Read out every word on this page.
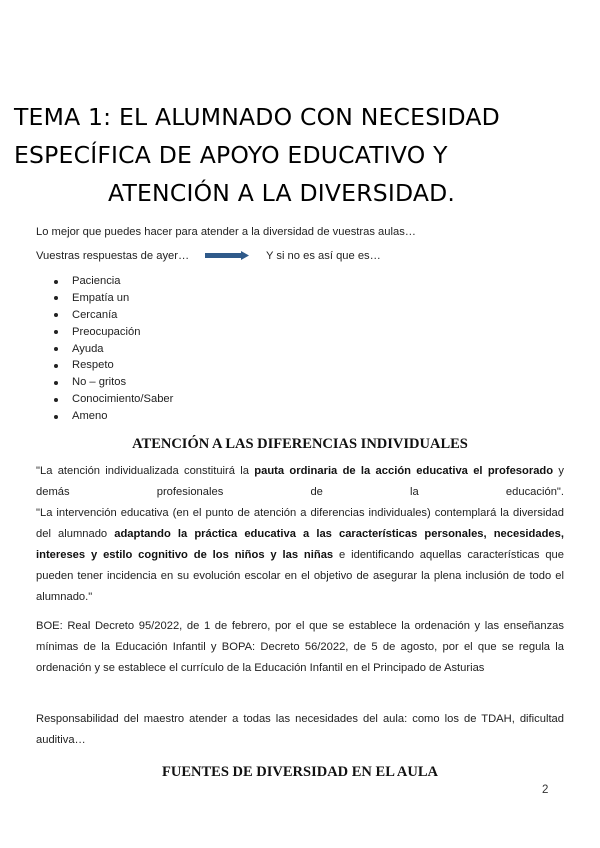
TEMA 1: EL ALUMNADO CON NECESIDAD
ESPECÍFICA DE APOYO EDUCATIVO Y
ATENCIÓN A LA DIVERSIDAD.

Lo mejor que puedes hacer para atender a la diversidad de vuestras aulas…

Vuestras respuestas de ayer…	Y si no es así que es…

Paciencia
Empatía un
Cercanía
Preocupación
Ayuda
Respeto
No – gritos
Conocimiento/Saber
Ameno
ATENCIÓN A LAS DIFERENCIAS INDIVIDUALES

"La atención individualizada constituirá la pauta ordinaria de la acción educativa el profesorado y demás profesionales de la educación".

"La intervención educativa (en el punto de atención a diferencias individuales) contemplará la diversidad del alumnado adaptando la práctica educativa a las características personales, necesidades, intereses y estilo cognitivo de los niños y las niñas e identificando aquellas características que pueden tener incidencia en su evolución escolar en el objetivo de asegurar la plena inclusión de todo el alumnado."

BOE: Real Decreto 95/2022, de 1 de febrero, por el que se establece la ordenación y las enseñanzas mínimas de la Educación Infantil y BOPA: Decreto 56/2022, de 5 de agosto, por el que se regula la ordenación y se establece el currículo de la Educación Infantil en el Principado de Asturias

Responsabilidad del maestro atender a todas las necesidades del aula: como los de TDAH, dificultad auditiva…

FUENTES DE DIVERSIDAD EN EL AULA

2
